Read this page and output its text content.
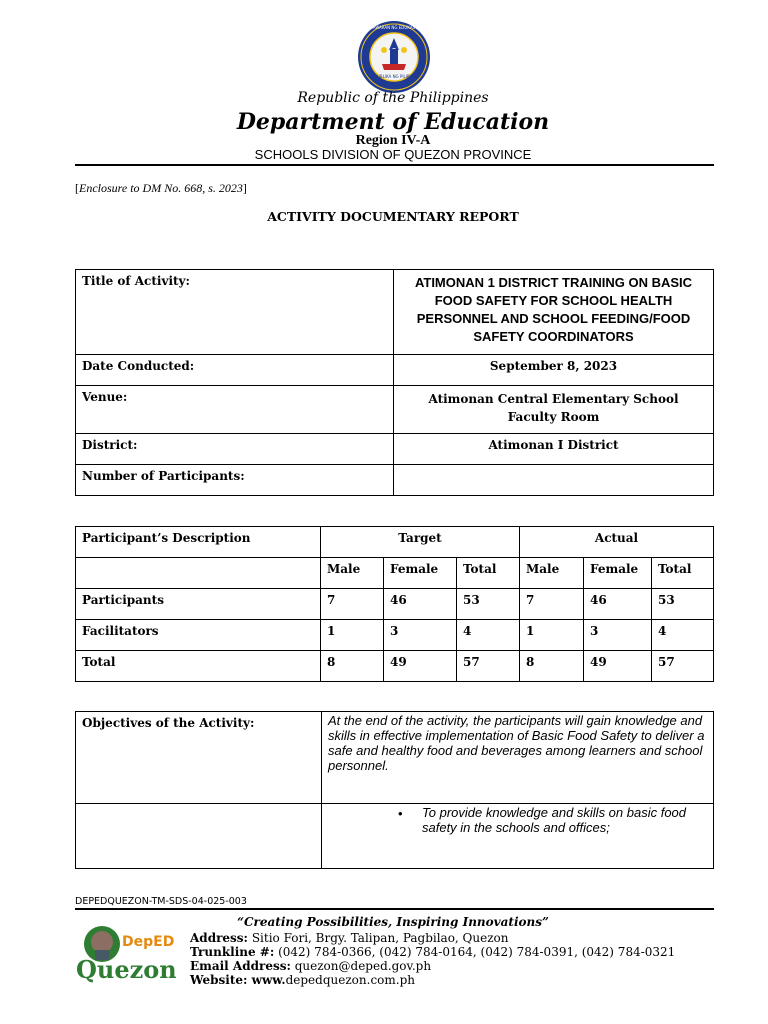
REPUBLIKA NG PILIPINAS
KAGAWARAN NG EDUKASYON
Republic of the Philippines
Department of Education
Region IV-A
SCHOOLS DIVISION OF QUEZON PROVINCE
[Enclosure to DM No. 668, s. 2023]
ACTIVITY DOCUMENTARY REPORT
Title of Activity:	ATIMONAN 1 DISTRICT TRAINING ON BASIC FOOD SAFETY FOR SCHOOL HEALTH PERSONNEL AND SCHOOL FEEDING/FOOD SAFETY COORDINATORS
Date Conducted:	September 8, 2023
Venue:	Atimonan Central Elementary School
Faculty Room

District:	Atimonan I District
Number of Participants:	
Participant’s Description	Target			Actual		
	Male	Female	Total	Male	Female	Total
Participants	7	46	53	7	46	53
Facilitators	1	3	4	1	3	4
Total	8	49	57	8	49	57
Objectives of the Activity:	At the end of the activity, the participants will gain knowledge and skills in effective implementation of Basic Food Safety to deliver a safe and healthy food and beverages among learners and school personnel.

	• To provide knowledge and skills on basic food safety in the schools and offices;
DEPEDQUEZON-TM-SDS-04-025-003
“Creating Possibilities, Inspiring Innovations”
DepED
Quezon
Address: Sitio Fori, Brgy. Talipan, Pagbilao, Quezon
Trunkline #: (042) 784-0366, (042) 784-0164, (042) 784-0391, (042) 784-0321
Email Address: quezon@deped.gov.ph
Website: www.depedquezon.com.ph
